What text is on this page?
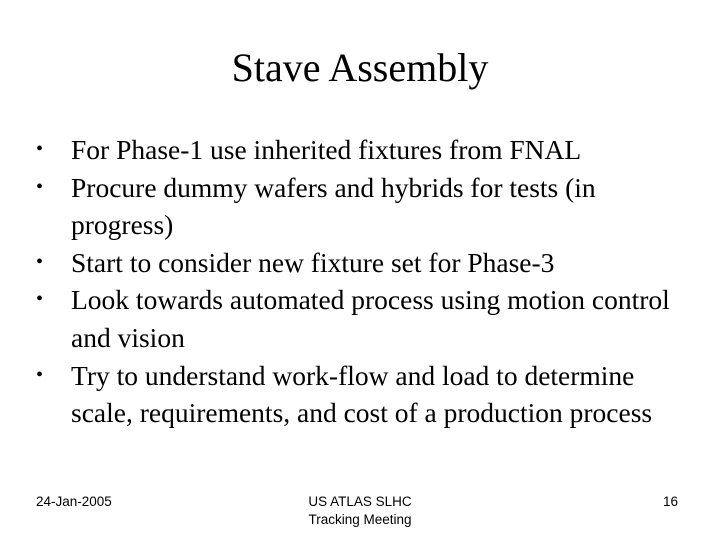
Stave Assembly
•	For Phase-1 use inherited fixtures from FNAL
•	Procure dummy wafers and hybrids for tests (in progress)
•	Start to consider new fixture set for Phase-3
•	Look towards automated process using motion control and vision
•	Try to understand work-flow and load to determine scale, requirements, and cost of a production process
24-Jan-2005	US ATLAS SLHC
Tracking Meeting
16
